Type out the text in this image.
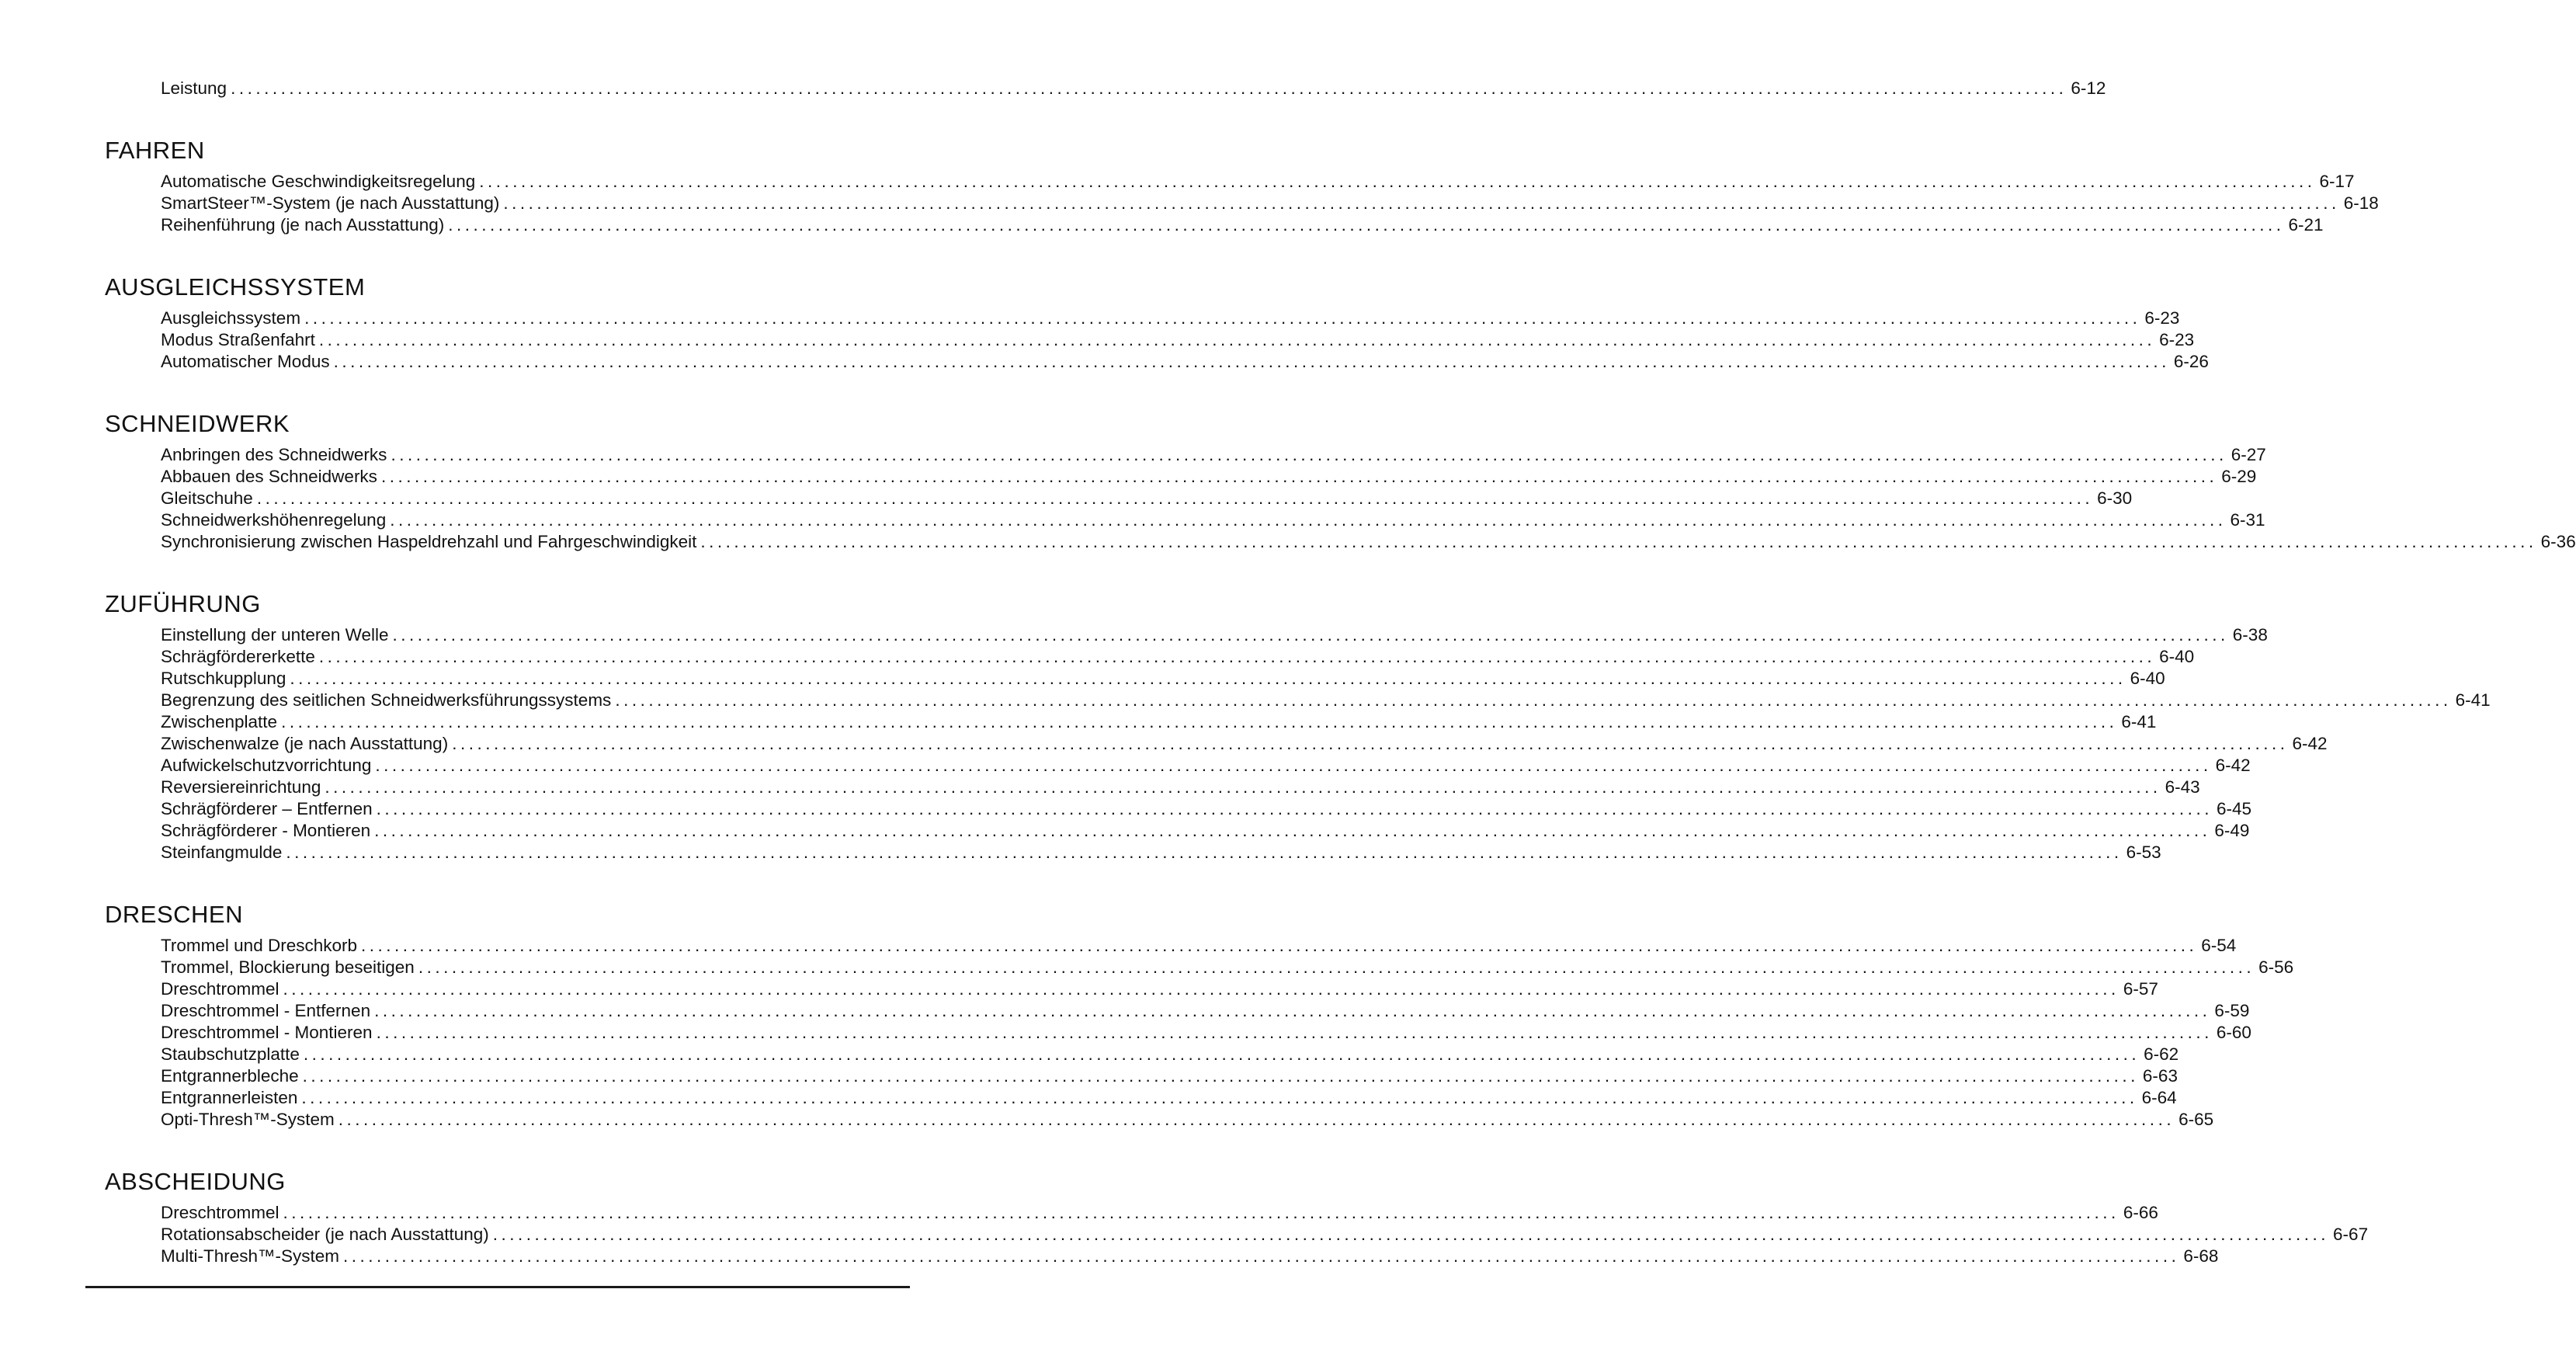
Leistung ............................................................................................................................................................................................................................ 6-12
FAHREN
Automatische Geschwindigkeitsregelung ............................................................................................................................................................................................................................ 6-17
SmartSteer™-System (je nach Ausstattung) ............................................................................................................................................................................................................................ 6-18
Reihenführung (je nach Ausstattung) ............................................................................................................................................................................................................................ 6-21
AUSGLEICHSSYSTEM
Ausgleichssystem ............................................................................................................................................................................................................................ 6-23
Modus Straßenfahrt ............................................................................................................................................................................................................................ 6-23
Automatischer Modus ............................................................................................................................................................................................................................ 6-26
SCHNEIDWERK
Anbringen des Schneidwerks ............................................................................................................................................................................................................................ 6-27
Abbauen des Schneidwerks ............................................................................................................................................................................................................................ 6-29
Gleitschuhe ............................................................................................................................................................................................................................ 6-30
Schneidwerkshöhenregelung ............................................................................................................................................................................................................................ 6-31
Synchronisierung zwischen Haspeldrehzahl und Fahrgeschwindigkeit ............................................................................................................................................................................................................................ 6-36
ZUFÜHRUNG
Einstellung der unteren Welle ............................................................................................................................................................................................................................ 6-38
Schrägfördererkette ............................................................................................................................................................................................................................ 6-40
Rutschkupplung ............................................................................................................................................................................................................................ 6-40
Begrenzung des seitlichen Schneidwerksführungssystems ............................................................................................................................................................................................................................ 6-41
Zwischenplatte ............................................................................................................................................................................................................................ 6-41
Zwischenwalze (je nach Ausstattung) ............................................................................................................................................................................................................................ 6-42
Aufwickelschutzvorrichtung ............................................................................................................................................................................................................................ 6-42
Reversiereinrichtung ............................................................................................................................................................................................................................ 6-43
Schrägförderer – Entfernen ............................................................................................................................................................................................................................ 6-45
Schrägförderer - Montieren ............................................................................................................................................................................................................................ 6-49
Steinfangmulde ............................................................................................................................................................................................................................ 6-53
DRESCHEN
Trommel und Dreschkorb ............................................................................................................................................................................................................................ 6-54
Trommel, Blockierung beseitigen ............................................................................................................................................................................................................................ 6-56
Dreschtrommel ............................................................................................................................................................................................................................ 6-57
Dreschtrommel - Entfernen ............................................................................................................................................................................................................................ 6-59
Dreschtrommel - Montieren ............................................................................................................................................................................................................................ 6-60
Staubschutzplatte ............................................................................................................................................................................................................................ 6-62
Entgrannerbleche ............................................................................................................................................................................................................................ 6-63
Entgrannerleisten ............................................................................................................................................................................................................................ 6-64
Opti-Thresh™-System ............................................................................................................................................................................................................................ 6-65
ABSCHEIDUNG
Dreschtrommel ............................................................................................................................................................................................................................ 6-66
Rotationsabscheider (je nach Ausstattung) ............................................................................................................................................................................................................................ 6-67
Multi-Thresh™-System ............................................................................................................................................................................................................................ 6-68
